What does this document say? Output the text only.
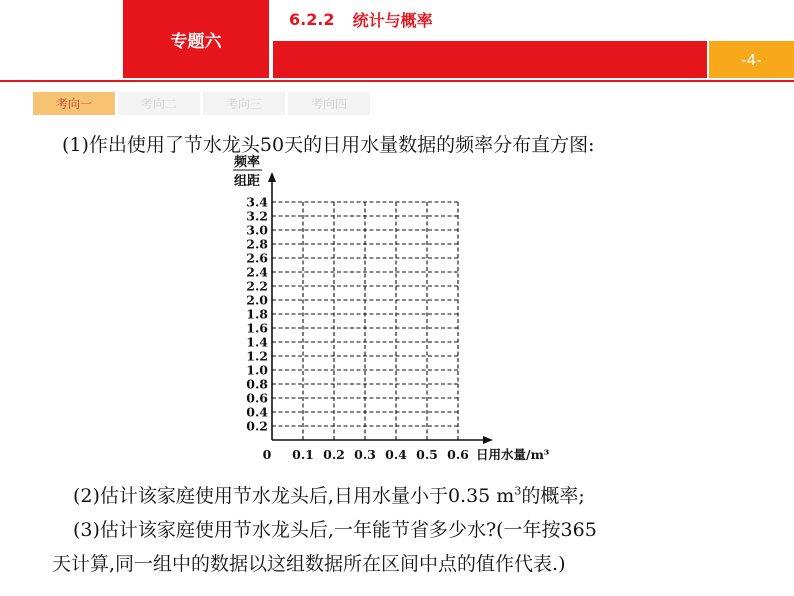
专题六
6.2.2 统计与概率
-4-
考向一	考向二	考向三	考向四
(1)作出使用了节水龙头50天的日用水量数据的频率分布直方图:
0.2
0.4
0.6
0.8
1.0
1.2
1.4
1.6
1.8
2.0
2.2
2.4
2.6
2.8
3.0
3.2
3.4
0.1 0.2 0.3 0.4 0.5 0.6
频率
组距
0	日用水量/m³
(2)估计该家庭使用节水龙头后,日用水量小于0.35 $m^3$的概率;
(3)估计该家庭使用节水龙头后,一年能节省多少水?(一年按365
天计算,同一组中的数据以这组数据所在区间中点的值作代表.)
